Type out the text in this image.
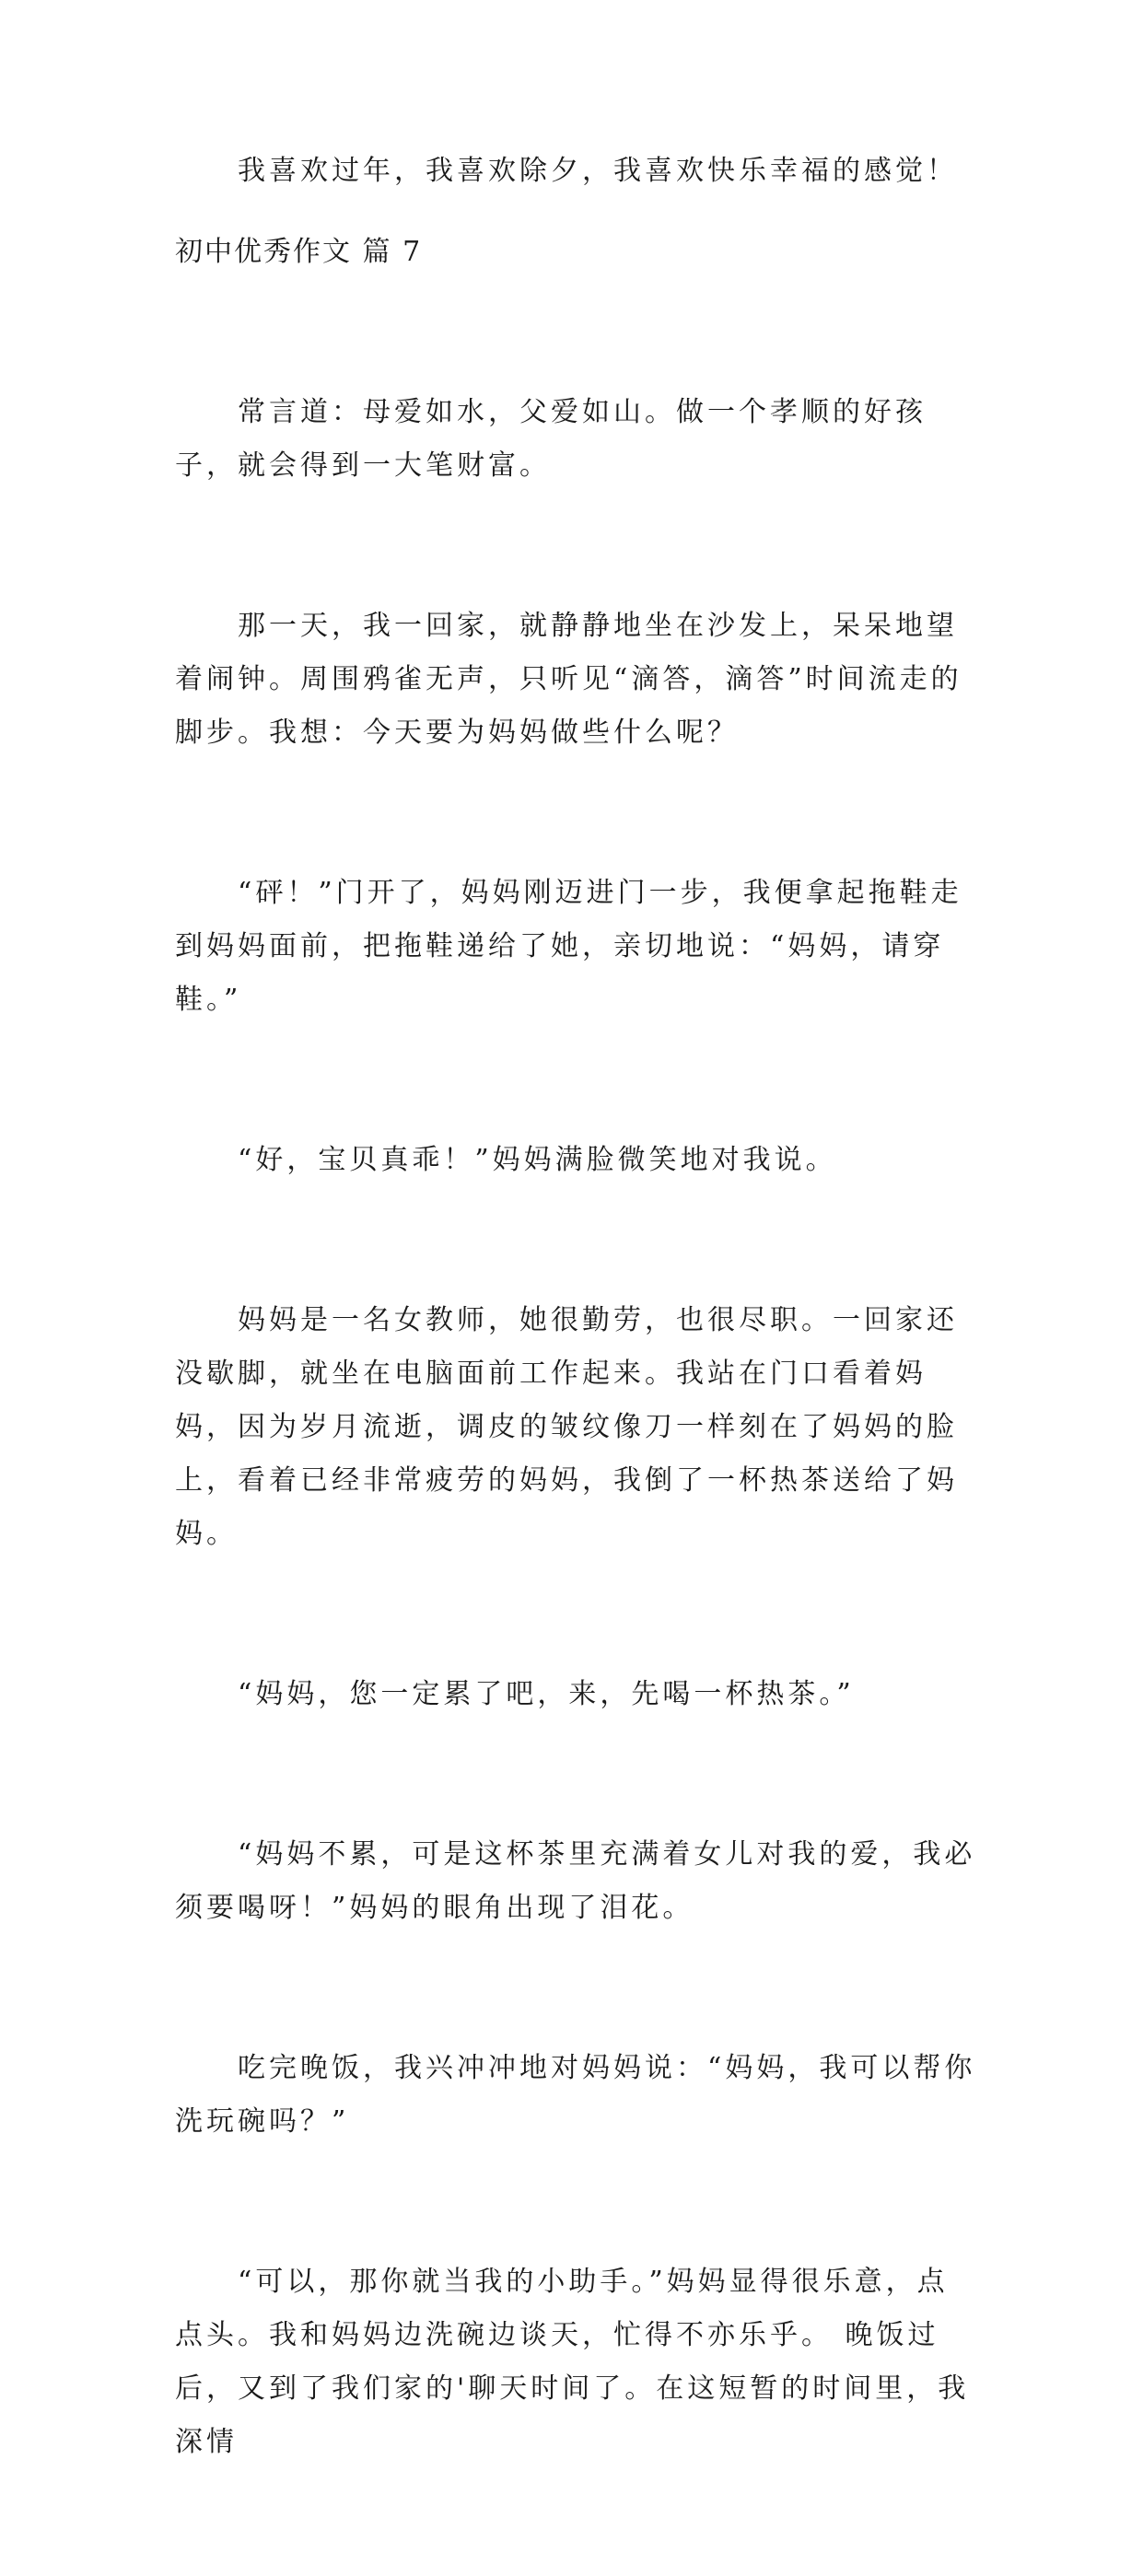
我喜欢过年，我喜欢除夕，我喜欢快乐幸福的感觉！

初中优秀作文 篇 7

常言道：母爱如水，父爱如山。做一个孝顺的好孩子，就会得到一大笔财富。

那一天，我一回家，就静静地坐在沙发上，呆呆地望着闹钟。周围鸦雀无声，只听见“滴答，滴答”时间流走的脚步。我想：今天要为妈妈做些什么呢？

“砰！”门开了，妈妈刚迈进门一步，我便拿起拖鞋走到妈妈面前，把拖鞋递给了她，亲切地说：“妈妈，请穿鞋。”

“好，宝贝真乖！”妈妈满脸微笑地对我说。

妈妈是一名女教师，她很勤劳，也很尽职。一回家还没歇脚，就坐在电脑面前工作起来。我站在门口看着妈妈，因为岁月流逝，调皮的皱纹像刀一样刻在了妈妈的脸上，看着已经非常疲劳的妈妈，我倒了一杯热茶送给了妈妈。

“妈妈，您一定累了吧，来，先喝一杯热茶。”

“妈妈不累，可是这杯茶里充满着女儿对我的爱，我必须要喝呀！”妈妈的眼角出现了泪花。

吃完晚饭，我兴冲冲地对妈妈说：“妈妈，我可以帮你洗玩碗吗？”

“可以，那你就当我的小助手。”妈妈显得很乐意，点点头。我和妈妈边洗碗边谈天，忙得不亦乐乎。 晚饭过后，又到了我们家的'聊天时间了。在这短暂的时间里，我深情
